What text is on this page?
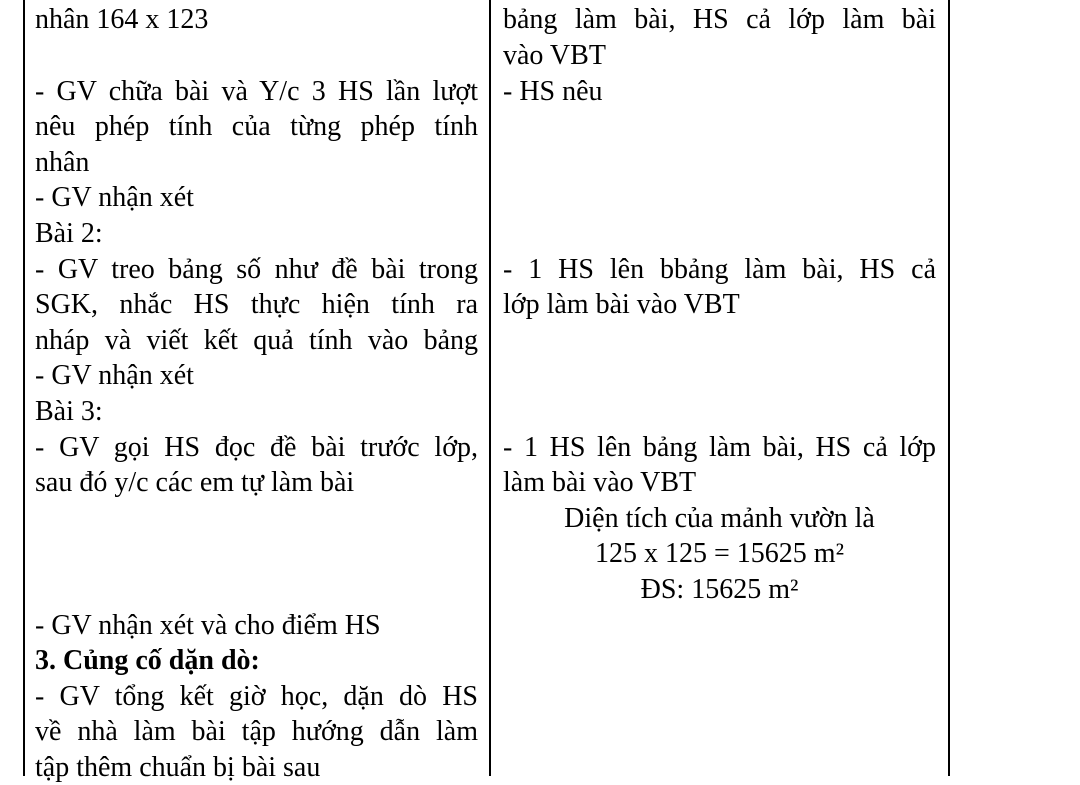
nhân 164 x 123
- GV chữa bài và Y/c 3 HS lần lượt
nêu phép tính của từng phép tính
nhân
- GV nhận xét
Bài 2:
- GV treo bảng số như đề bài trong
SGK, nhắc HS thực hiện tính ra
nháp và viết kết quả tính vào bảng
- GV nhận xét
Bài 3:
- GV gọi HS đọc đề bài trước lớp,
sau đó y/c các em tự làm bài
- GV nhận xét và cho điểm HS
3. Củng cố dặn dò:
- GV tổng kết giờ học, dặn dò HS
về nhà làm bài tập hướng dẫn làm
tập thêm chuẩn bị bài sau
bảng làm bài, HS cả lớp làm bài
vào VBT
- HS nêu
- 1 HS lên bbảng làm bài, HS cả
lớp làm bài vào VBT
- 1 HS lên bảng làm bài, HS cả lớp
làm bài vào VBT
Diện tích của mảnh vườn là
125 x 125 = 15625 m²
ĐS: 15625 m²
